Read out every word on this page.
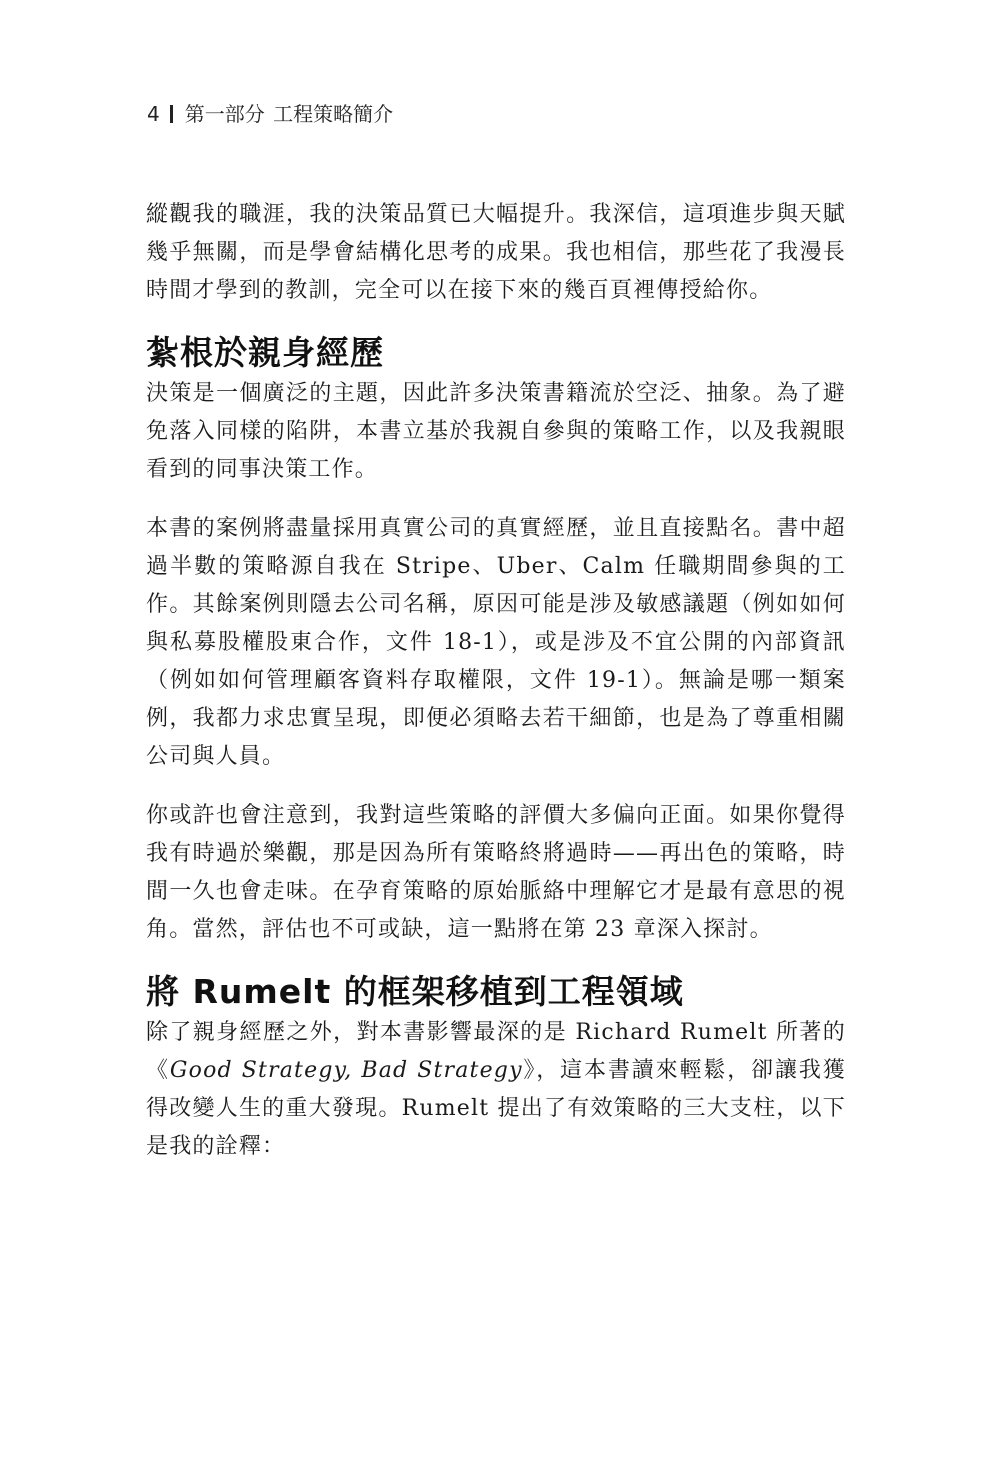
4 第一部分 工程策略簡介

縱觀我的職涯，我的決策品質已大幅提升。我深信，這項進步與天賦幾乎無關，而是學會結構化思考的成果。我也相信，那些花了我漫長時間才學到的教訓，完全可以在接下來的幾百頁裡傳授給你。

紮根於親身經歷

決策是一個廣泛的主題，因此許多決策書籍流於空泛、抽象。為了避免落入同樣的陷阱，本書立基於我親自參與的策略工作，以及我親眼看到的同事決策工作。

本書的案例將盡量採用真實公司的真實經歷，並且直接點名。書中超過半數的策略源自我在 Stripe、Uber、Calm 任職期間參與的工作。其餘案例則隱去公司名稱，原因可能是涉及敏感議題（例如如何與私募股權股東合作，文件 18-1），或是涉及不宜公開的內部資訊（例如如何管理顧客資料存取權限，文件 19-1）。無論是哪一類案例，我都力求忠實呈現，即便必須略去若干細節，也是為了尊重相關公司與人員。

你或許也會注意到，我對這些策略的評價大多偏向正面。如果你覺得我有時過於樂觀，那是因為所有策略終將過時——再出色的策略，時間一久也會走味。在孕育策略的原始脈絡中理解它才是最有意思的視角。當然，評估也不可或缺，這一點將在第 23 章深入探討。

將 Rumelt 的框架移植到工程領域

除了親身經歷之外，對本書影響最深的是 Richard Rumelt 所著的《Good Strategy, Bad Strategy》，這本書讀來輕鬆，卻讓我獲得改變人生的重大發現。Rumelt 提出了有效策略的三大支柱，以下是我的詮釋：
